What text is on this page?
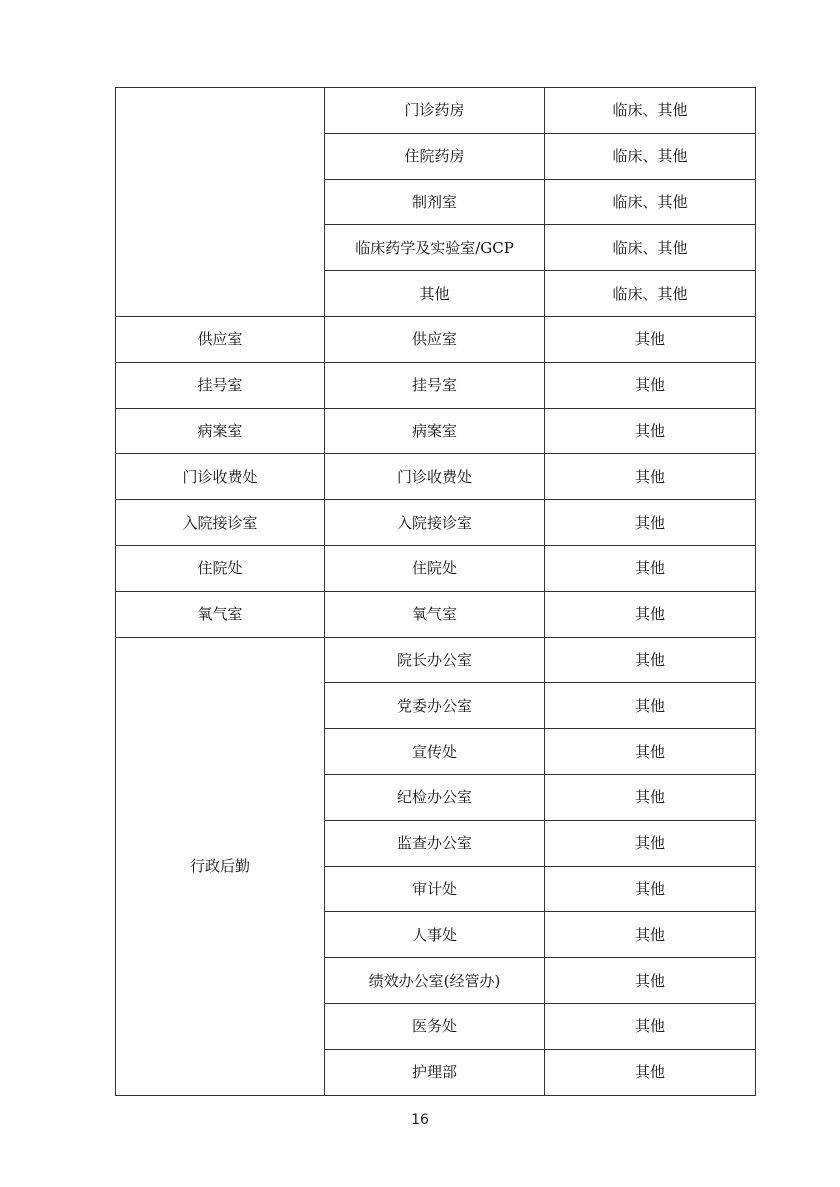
	门诊药房	临床、其他
	住院药房	临床、其他
	制剂室	临床、其他
	临床药学及实验室/GCP	临床、其他
	其他	临床、其他
供应室	供应室	其他
挂号室	挂号室	其他
病案室	病案室	其他
门诊收费处	门诊收费处	其他
入院接诊室	入院接诊室	其他
住院处	住院处	其他
氧气室	氧气室	其他
行政后勤	院长办公室	其他
	党委办公室	其他
	宣传处	其他
	纪检办公室	其他
	监查办公室	其他
	审计处	其他
	人事处	其他
	绩效办公室(经管办)	其他
	医务处	其他
	护理部	其他
16
